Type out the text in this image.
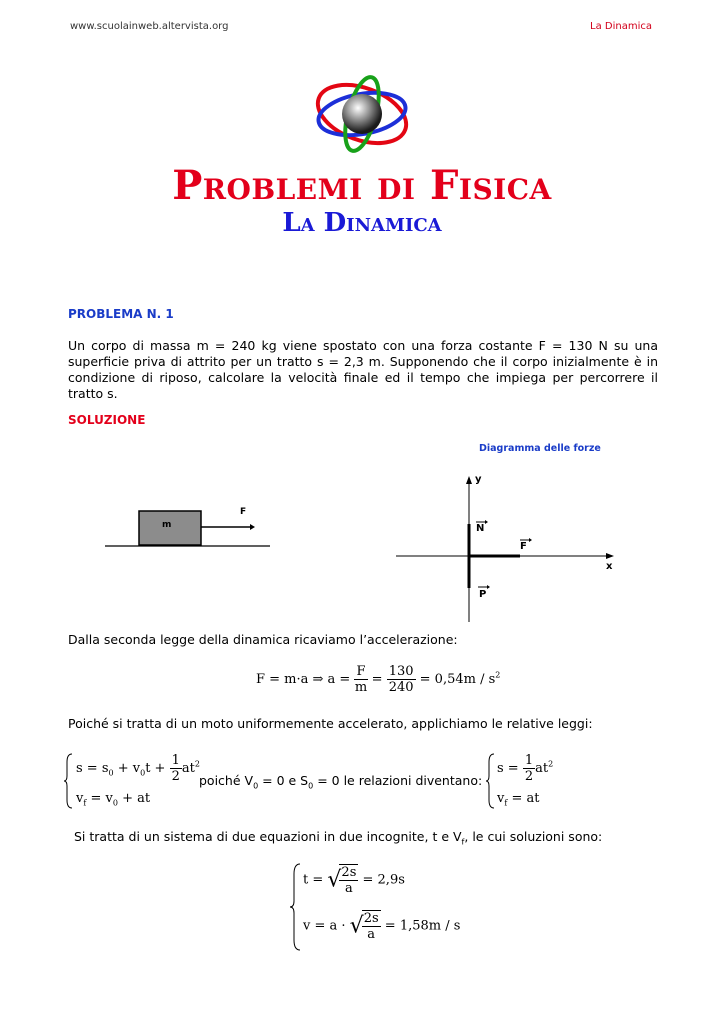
www.scuolainweb.altervista.org	La Dinamica
Problemi di Fisica
La Dinamica
PROBLEMA N. 1
Un corpo di massa m = 240 kg viene spostato con una forza costante F = 130 N su una superficie priva di attrito per un tratto s = 2,3 m. Supponendo che il corpo inizialmente è in condizione di riposo, calcolare la velocità finale ed il tempo che impiega per percorrere il tratto s.
SOLUZIONE
Diagramma delle forze
m
F
y
x
N
F
P
Dalla seconda legge della dinamica ricaviamo l’accelerazione:
F = m·a ⇒ $a = \frac{F}{m} = \frac{130}{240} = 0,54m / s^2$
Poiché si tratta di un moto uniformemente accelerato, applichiamo le relative leggi:
$s = s_0 + v_0t + \frac{1}{2} at^2$
$v_f = v_0$ + at
poiché $V_0 = 0$ e $S_0 = 0$ le relazioni diventano:
$s = \frac{1}{2} at^2$
$v_f$ = at
Si tratta di un sistema di due equazioni in due incognite, t e $V_f$, le cui soluzioni sono:
t = √
$\frac{2s}{a} = 2,9s$
v = a · √
$\frac{2s}{a} = 1,58m / s$
